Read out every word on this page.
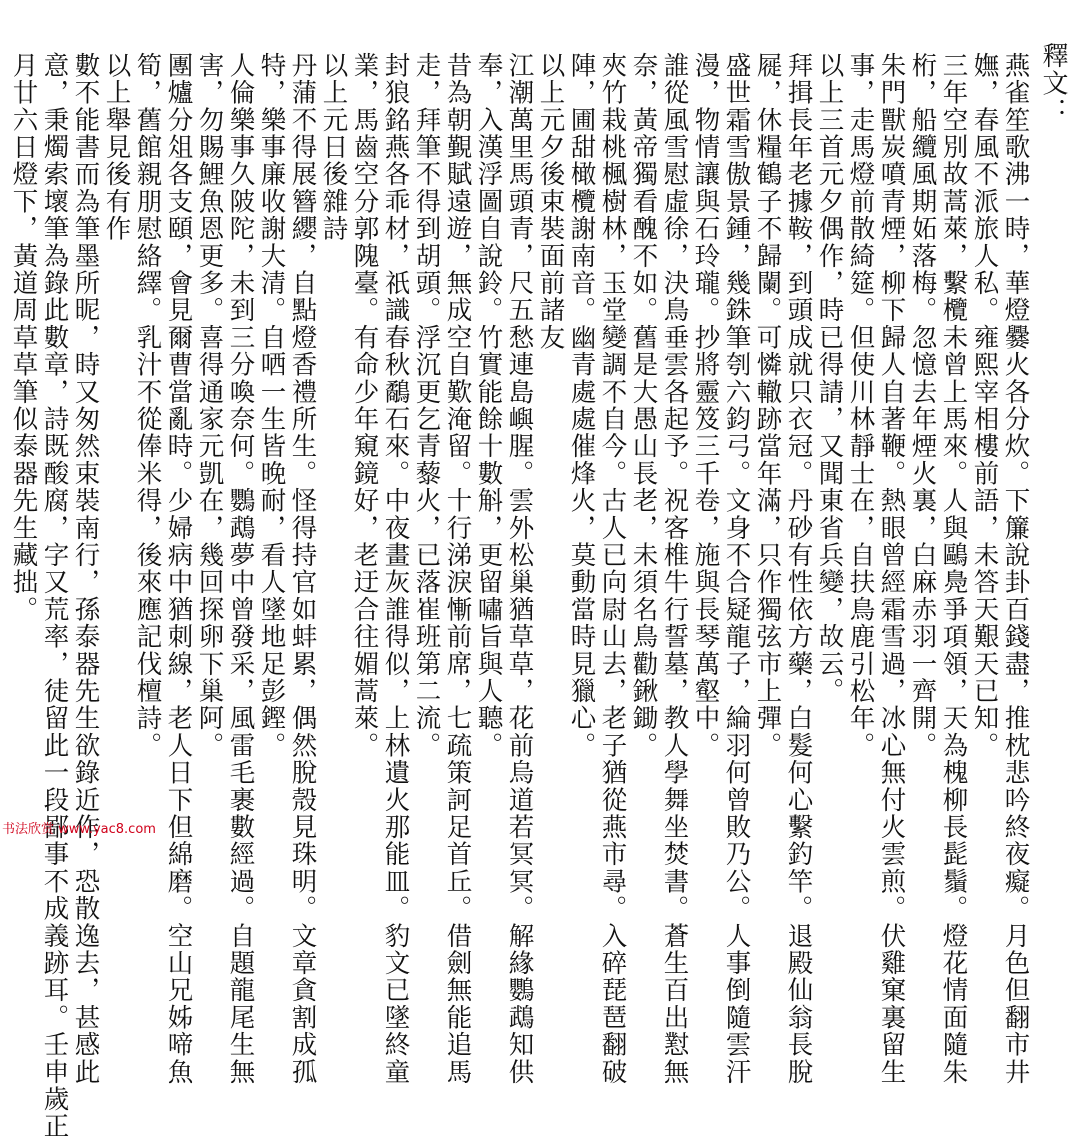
釋文：
燕雀笙歌沸一時，華燈爨火各分炊。下簾說卦百錢盡，推枕悲吟終夜癡。月色但翻市井
嫵，春風不派旅人私。雍熙宰相樓前語，未答天艱天已知。
三年空別故蒿萊，繫欖未曾上馬來。人與鷗鳧爭項領，天為槐柳長髭鬚。燈花情面隨朱
桁，船纜風期妬落梅。忽憶去年煙火裏，白麻赤羽一齊開。
朱門獸炭噴青煙，柳下歸人自著鞭。熱眼曾經霜雪過，冰心無付火雲煎。伏雞窠裏留生
事，走馬燈前散綺筵。但使川林靜士在，自扶鳥鹿引松年。
以上三首元夕偶作，時已得請，又聞東省兵變，故云。
拜揖長年老據鞍，到頭成就只衣冠。丹砂有性依方藥，白髮何心繫釣竿。退殿仙翁長脫
屣，休糧鶴子不歸闌。可憐轍跡當年滿，只作獨弦市上彈。
盛世霜雪傲景鍾，幾銖筆刳六鈞弓。文身不合疑龍子，綸羽何曾敗乃公。人事倒隨雲汗
漫，物情讓與石玲瓏。抄將靈笈三千卷，施與長琴萬壑中。
誰從風雪慰虛徐，決鳥垂雲各起予。祝客椎牛行誓墓，教人學舞坐焚書。蒼生百出懟無
奈，黃帝獨看醜不如。舊是大愚山長老，未須名鳥勸鍬鋤。
夾竹栽桃楓樹林，玉堂變調不自今。古人已向尉山去，老子猶從燕市尋。入碎琵琶翻破
陣，圃甜橄欖謝南音。幽青處處催烽火，莫動當時見獵心。
以上元夕後束裝面前諸友
江潮萬里馬頭青，尺五愁連島嶼腥。雲外松巢猶草草，花前烏道若冥冥。解緣鸚鵡知供
奉，入漢浮圖自說鈴。竹實能餘十數斛，更留嘯旨與人聽。
昔為朝覲賦遠遊，無成空自歎淹留。十行涕淚慚前席，七疏策訶足首丘。借劍無能追馬
走，拜筆不得到胡頭。浮沉更乞青藜火，已落崔班第二流。
封狼銘燕各乖材，祇識春秋鷸石來。中夜畫灰誰得似，上林遺火那能皿。豹文已墜終童
業，馬齒空分郭隗臺。有命少年窺鏡好，老迂合往媚蒿萊。
以上元日後雜詩
丹蒲不得展簪纓，自點燈香禮所生。怪得持官如蚌累，偶然脫殼見珠明。文章貪割成孤
特，樂事廉收謝大清。自哂一生皆晚耐，看人墜地足彭鏗。
人倫樂事久陂陀，未到三分喚奈何。鸚鵡夢中曾發采，風雷毛裹數經過。自題龍尾生無
害，勿賜鯉魚恩更多。喜得通家元凱在，幾回探卵下巢阿。
團爐分俎各支頤，會見爾曹當亂時。少婦病中猶刺線，老人日下但綿磨。空山兄姊啼魚
筍，舊館親朋慰絡繹。乳汁不從俸米得，後來應記伐檀詩。
以上舉見後有作
數不能書而為筆墨所昵，時又匆然束裝南行，孫泰器先生欲錄近作，恐散逸去，甚感此
意，秉燭索壞筆為錄此數章，詩既酸腐，字又荒率，徒留此一段鄙事不成義跡耳。壬申歲正
月廿六日燈下，黃道周草草筆似泰器先生藏拙。
书法欣赏 www.yac8.com
